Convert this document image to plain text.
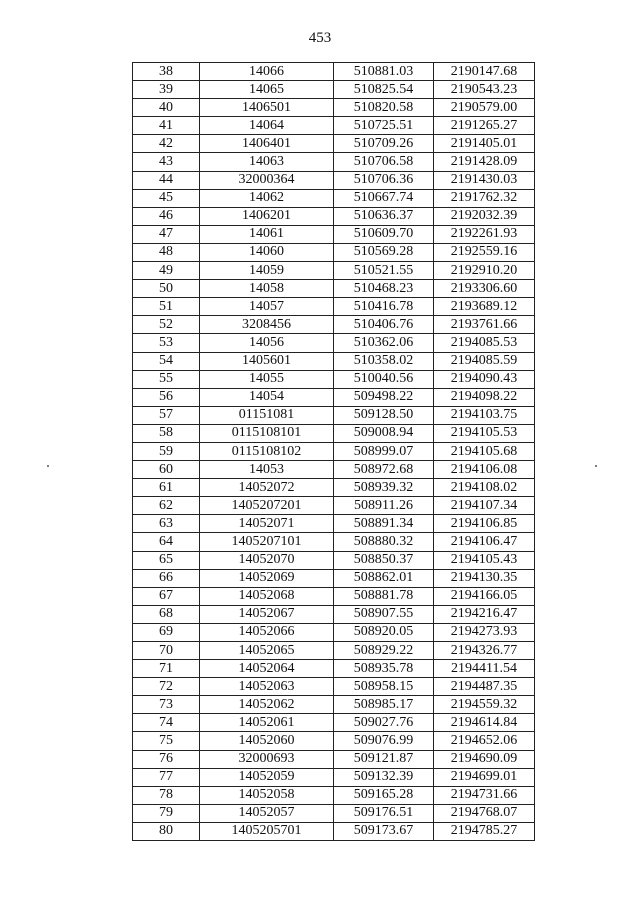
453
38	14066	510881.03	2190147.68
39	14065	510825.54	2190543.23
40	1406501	510820.58	2190579.00
41	14064	510725.51	2191265.27
42	1406401	510709.26	2191405.01
43	14063	510706.58	2191428.09
44	32000364	510706.36	2191430.03
45	14062	510667.74	2191762.32
46	1406201	510636.37	2192032.39
47	14061	510609.70	2192261.93
48	14060	510569.28	2192559.16
49	14059	510521.55	2192910.20
50	14058	510468.23	2193306.60
51	14057	510416.78	2193689.12
52	3208456	510406.76	2193761.66
53	14056	510362.06	2194085.53
54	1405601	510358.02	2194085.59
55	14055	510040.56	2194090.43
56	14054	509498.22	2194098.22
57	01151081	509128.50	2194103.75
58	0115108101	509008.94	2194105.53
59	0115108102	508999.07	2194105.68
60	14053	508972.68	2194106.08
61	14052072	508939.32	2194108.02
62	1405207201	508911.26	2194107.34
63	14052071	508891.34	2194106.85
64	1405207101	508880.32	2194106.47
65	14052070	508850.37	2194105.43
66	14052069	508862.01	2194130.35
67	14052068	508881.78	2194166.05
68	14052067	508907.55	2194216.47
69	14052066	508920.05	2194273.93
70	14052065	508929.22	2194326.77
71	14052064	508935.78	2194411.54
72	14052063	508958.15	2194487.35
73	14052062	508985.17	2194559.32
74	14052061	509027.76	2194614.84
75	14052060	509076.99	2194652.06
76	32000693	509121.87	2194690.09
77	14052059	509132.39	2194699.01
78	14052058	509165.28	2194731.66
79	14052057	509176.51	2194768.07
80	1405205701	509173.67	2194785.27
